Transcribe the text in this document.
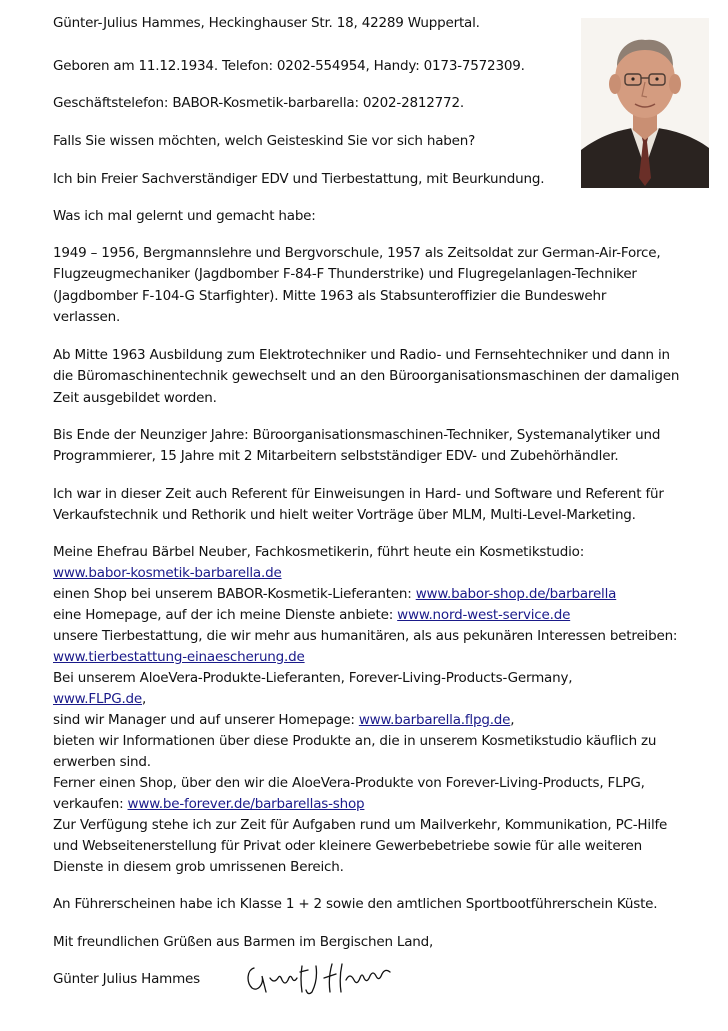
Günter-Julius Hammes, Heckinghauser Str. 18, 42289 Wuppertal.

Geboren am 11.12.1934. Telefon: 0202-554954, Handy: 0173-7572309.

Geschäftstelefon: BABOR-Kosmetik-barbarella: 0202-2812772.

Falls Sie wissen möchten, welch Geisteskind Sie vor sich haben?

Ich bin Freier Sachverständiger EDV und Tierbestattung, mit Beurkundung.

Was ich mal gelernt und gemacht habe:

1949 – 1956, Bergmannslehre und Bergvorschule, 1957 als Zeitsoldat zur German-Air-Force,

Flugzeugmechaniker (Jagdbomber F-84-F Thunderstrike) und Flugregelanlagen-Techniker

(Jagdbomber F-104-G Starfighter). Mitte 1963 als Stabsunteroffizier die Bundeswehr

verlassen.

Ab Mitte 1963 Ausbildung zum Elektrotechniker und Radio- und Fernsehtechniker und dann in

die Büromaschinentechnik gewechselt und an den Büroorganisationsmaschinen der damaligen

Zeit ausgebildet worden.

Bis Ende der Neunziger Jahre: Büroorganisationsmaschinen-Techniker, Systemanalytiker und

Programmierer, 15 Jahre mit 2 Mitarbeitern selbstständiger EDV- und Zubehörhändler.

Ich war in dieser Zeit auch Referent für Einweisungen in Hard- und Software und Referent für

Verkaufstechnik und Rethorik und hielt weiter Vorträge über MLM, Multi-Level-Marketing.

Meine Ehefrau Bärbel Neuber, Fachkosmetikerin, führt heute ein Kosmetikstudio:

www.babor-kosmetik-barbarella.de

einen Shop bei unserem BABOR-Kosmetik-Lieferanten: www.babor-shop.de/barbarella

eine Homepage, auf der ich meine Dienste anbiete: www.nord-west-service.de

unsere Tierbestattung, die wir mehr aus humanitären, als aus pekunären Interessen betreiben:

www.tierbestattung-einaescherung.de

Bei unserem AloeVera-Produkte-Lieferanten, Forever-Living-Products-Germany,

www.FLPG.de,

sind wir Manager und auf unserer Homepage: www.barbarella.flpg.de,

bieten wir Informationen über diese Produkte an, die in unserem Kosmetikstudio käuflich zu

erwerben sind.

Ferner einen Shop, über den wir die AloeVera-Produkte von Forever-Living-Products, FLPG,

verkaufen: www.be-forever.de/barbarellas-shop

Zur Verfügung stehe ich zur Zeit für Aufgaben rund um Mailverkehr, Kommunikation, PC-Hilfe

und Webseitenerstellung für Privat oder kleinere Gewerbebetriebe sowie für alle weiteren

Dienste in diesem grob umrissenen Bereich.

An Führerscheinen habe ich Klasse 1 + 2 sowie den amtlichen Sportbootführerschein Küste.

Mit freundlichen Grüßen aus Barmen im Bergischen Land,

Günter Julius Hammes
